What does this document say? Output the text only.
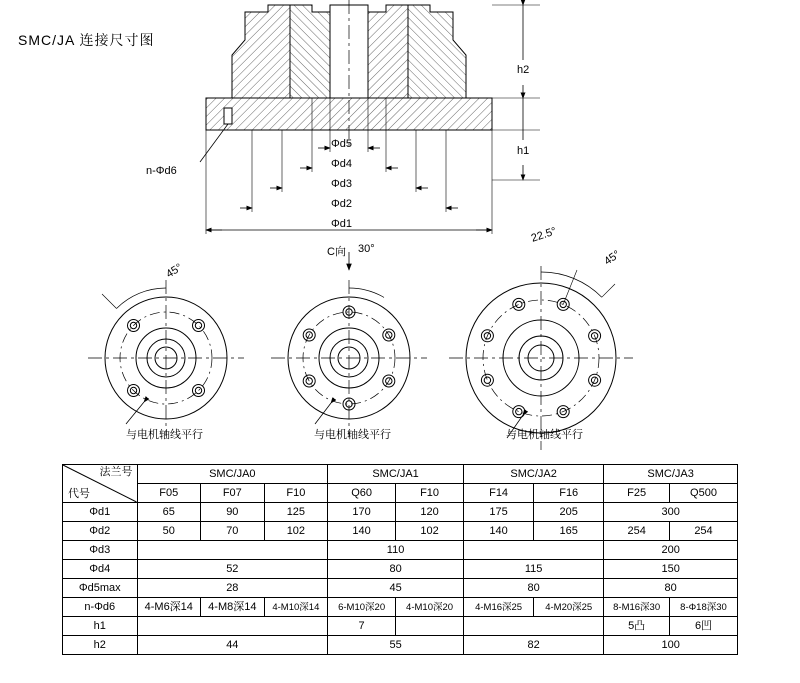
SMC/JA 连接尺寸图
h2
h1
n-Φd6
Φd5
Φd4
Φd3
Φd2
Φd1
C向
45°
30°
22.5°
45°
与电机轴线平行	与电机轴线平行	与电机轴线平行
法兰号
代号	SMC/JA0			SMC/JA1		SMC/JA2		SMC/JA3	
	F05	F07	F10	Q60	F10	F14	F16	F25	Q500
Φd1	65	90	125	170	120	175	205	300	
Φd2	50	70	102	140	102	140	165	254	254
Φd3				110				200	
Φd4	52			80		115		150	
Φd5max	28			45		80		80	
n-Φd6	4-M6深14	4-M8深14	4-M10深14	6-M10深20	4-M10深20	4-M16深25	4-M20深25	8-M16深30	8-Φ18深30
h1				7				5凸	6凹
h2	44			55		82		100	
